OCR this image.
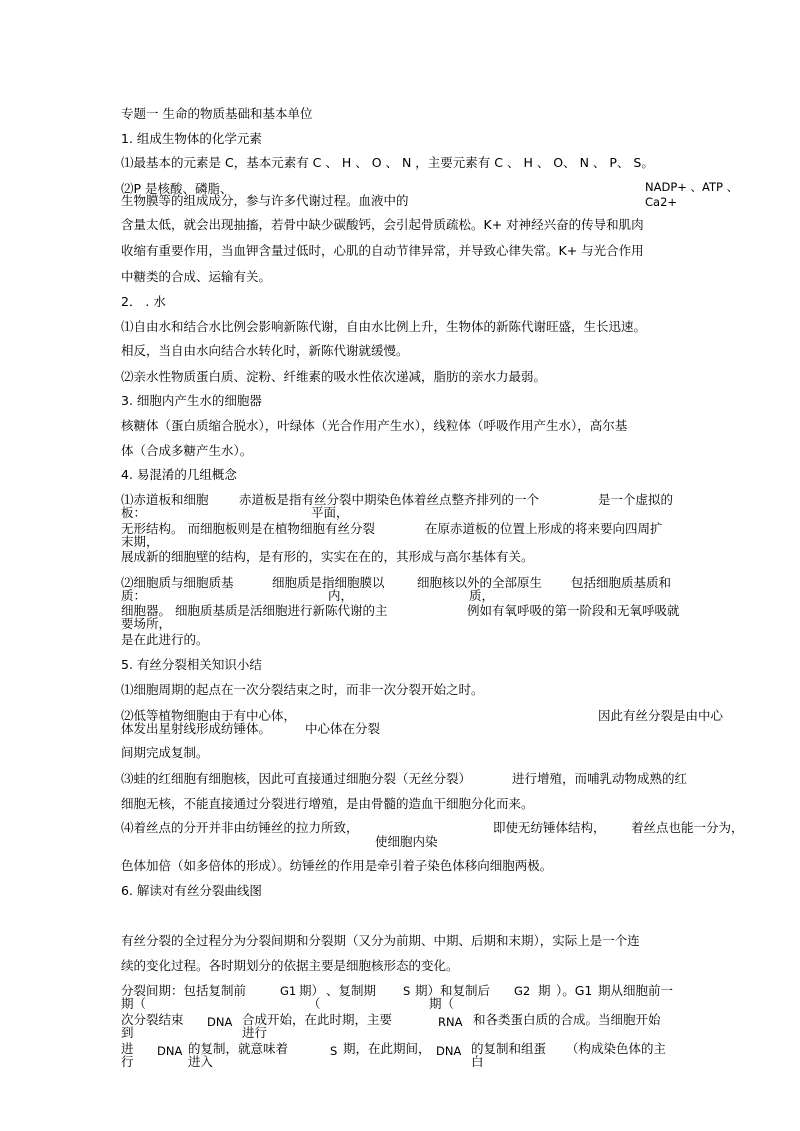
专题一 生命的物质基础和基本单位
1. 组成生物体的化学元素
⑴最基本的元素是 C，基本元素有 C 、 H 、 O 、 N ，主要元素有 C 、 H 、 O、 N 、 P、 S。
⑵P 是核酸、磷脂、	NADP+ 、ATP 、
生物膜等的组成成分，参与许多代谢过程。血液中的	Ca2+
含量太低，就会出现抽搐，若骨中缺少碳酸钙，会引起骨质疏松。K+ 对神经兴奋的传导和肌肉
收缩有重要作用，当血钾含量过低时，心肌的自动节律异常，并导致心律失常。K+ 与光合作用
中糖类的合成、运输有关。
2． . 水
⑴自由水和结合水比例会影响新陈代谢，自由水比例上升，生物体的新陈代谢旺盛，生长迅速。
相反，当自由水向结合水转化时，新陈代谢就缓慢。
⑵亲水性物质蛋白质、淀粉、纤维素的吸水性依次递减，脂肪的亲水力最弱。
3. 细胞内产生水的细胞器
核糖体（蛋白质缩合脱水），叶绿体（光合作用产生水），线粒体（呼吸作用产生水），高尔基
体（合成多糖产生水）。
4. 易混淆的几组概念
⑴赤道板和细胞
板：
赤道板是指有丝分裂中期染色体着丝点整齐排列的一个
平面，
是一个虚拟的
无形结构。 而细胞板则是在植物细胞有丝分裂
末期，
在原赤道板的位置上形成的将来要向四周扩
展成新的细胞壁的结构，是有形的，实实在在的，其形成与高尔基体有关。
⑵细胞质与细胞质基
质：
细胞质是指细胞膜以
内，
细胞核以外的全部原生
质，
包括细胞质基质和
细胞器。 细胞质基质是活细胞进行新陈代谢的主
要场所，
例如有氧呼吸的第一阶段和无氧呼吸就
是在此进行的。
5. 有丝分裂相关知识小结
⑴细胞周期的起点在一次分裂结束之时，而非一次分裂开始之时。
⑵低等植物细胞由于有中心体，	因此有丝分裂是由中心
体发出星射线形成纺锤体。	中心体在分裂
间期完成复制。
⑶蛙的红细胞有细胞核，因此可直接通过细胞分裂（无丝分裂）	进行增殖，而哺乳动物成熟的红
细胞无核，不能直接通过分裂进行增殖，是由骨髓的造血干细胞分化而来。
⑷着丝点的分开并非由纺锤丝的拉力所致，	即使无纺锤体结构， 着丝点也能一分为，
使细胞内染
色体加倍（如多倍体的形成）。纺锤丝的作用是牵引着子染色体移向细胞两极。
6. 解读对有丝分裂曲线图
有丝分裂的全过程分为分裂间期和分裂期（又分为前期、中期、后期和末期），实际上是一个连
续的变化过程。各时期划分的依据主要是细胞核形态的变化。
分裂间期：包括复制前
期（
G1 期）
（
、复制期 S 期）和复制后
期（
G2 期 ）。G1 期从细胞前一
次分裂结束
到
DNA 合成开始，在此时期，主要
进行
RNA 和各类蛋白质的合成。当细胞开始
进
行
DNA 的复制，就意味着
进入
S 期，在此期间， DNA 的复制和组蛋
白
（构成染色体的主
